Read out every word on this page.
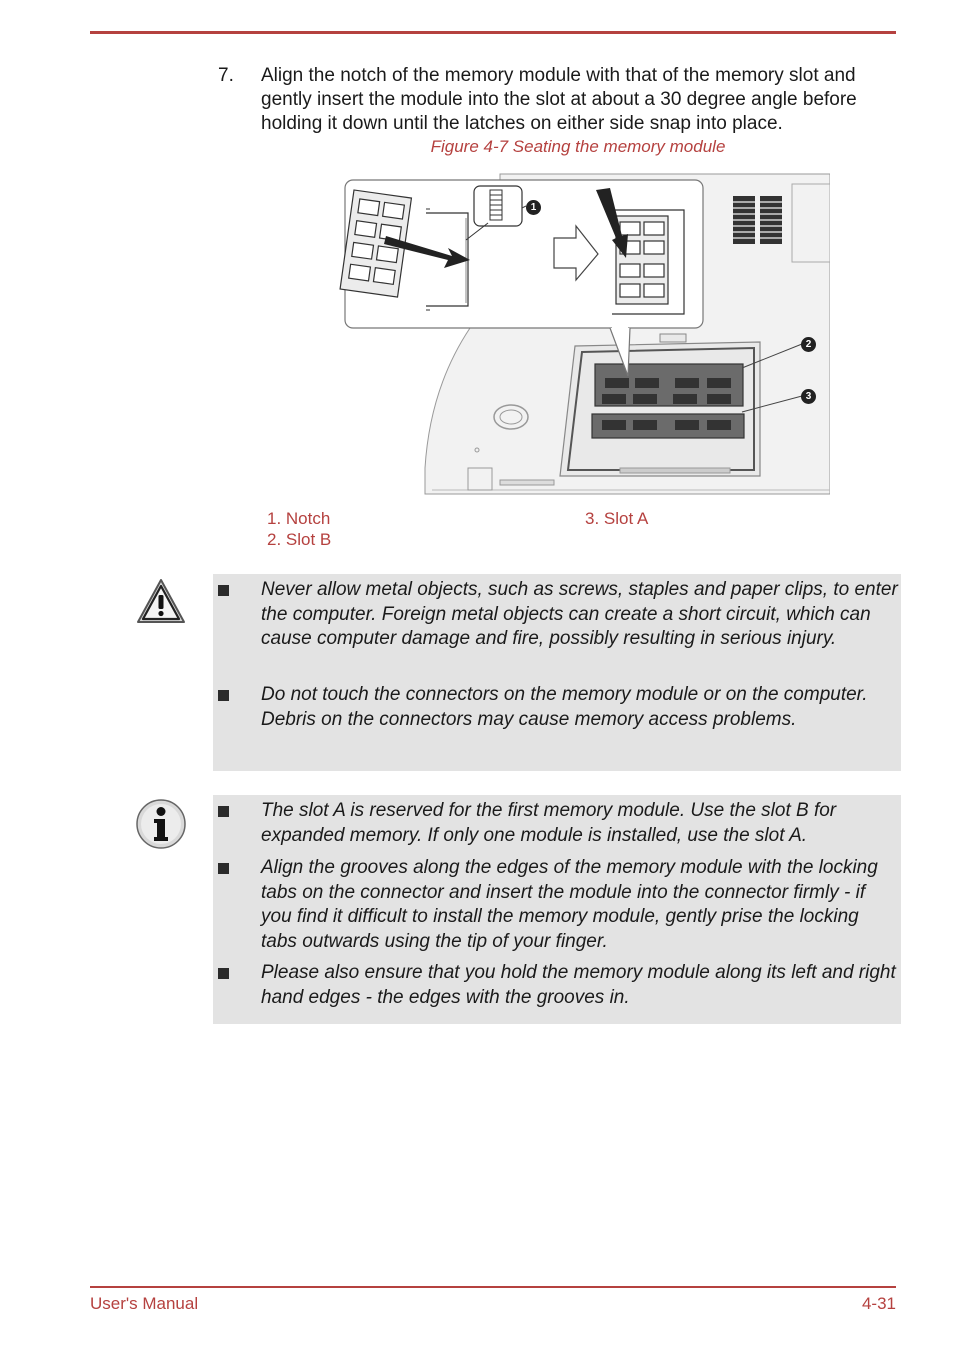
7. Align the notch of the memory module with that of the memory slot and gently insert the module into the slot at about a 30 degree angle before holding it down until the latches on either side snap into place.
Figure 4-7 Seating the memory module
1
2
3
1. Notch
2. Slot B
3. Slot A
Never allow metal objects, such as screws, staples and paper clips, to enter the computer. Foreign metal objects can create a short circuit, which can cause computer damage and fire, possibly resulting in serious injury.
Do not touch the connectors on the memory module or on the computer. Debris on the connectors may cause memory access problems.
The slot A is reserved for the first memory module. Use the slot B for expanded memory. If only one module is installed, use the slot A.
Align the grooves along the edges of the memory module with the locking tabs on the connector and insert the module into the connector firmly - if you find it difficult to install the memory module, gently prise the locking tabs outwards using the tip of your finger.
Please also ensure that you hold the memory module along its left and right hand edges - the edges with the grooves in.
User's Manual	4-31
